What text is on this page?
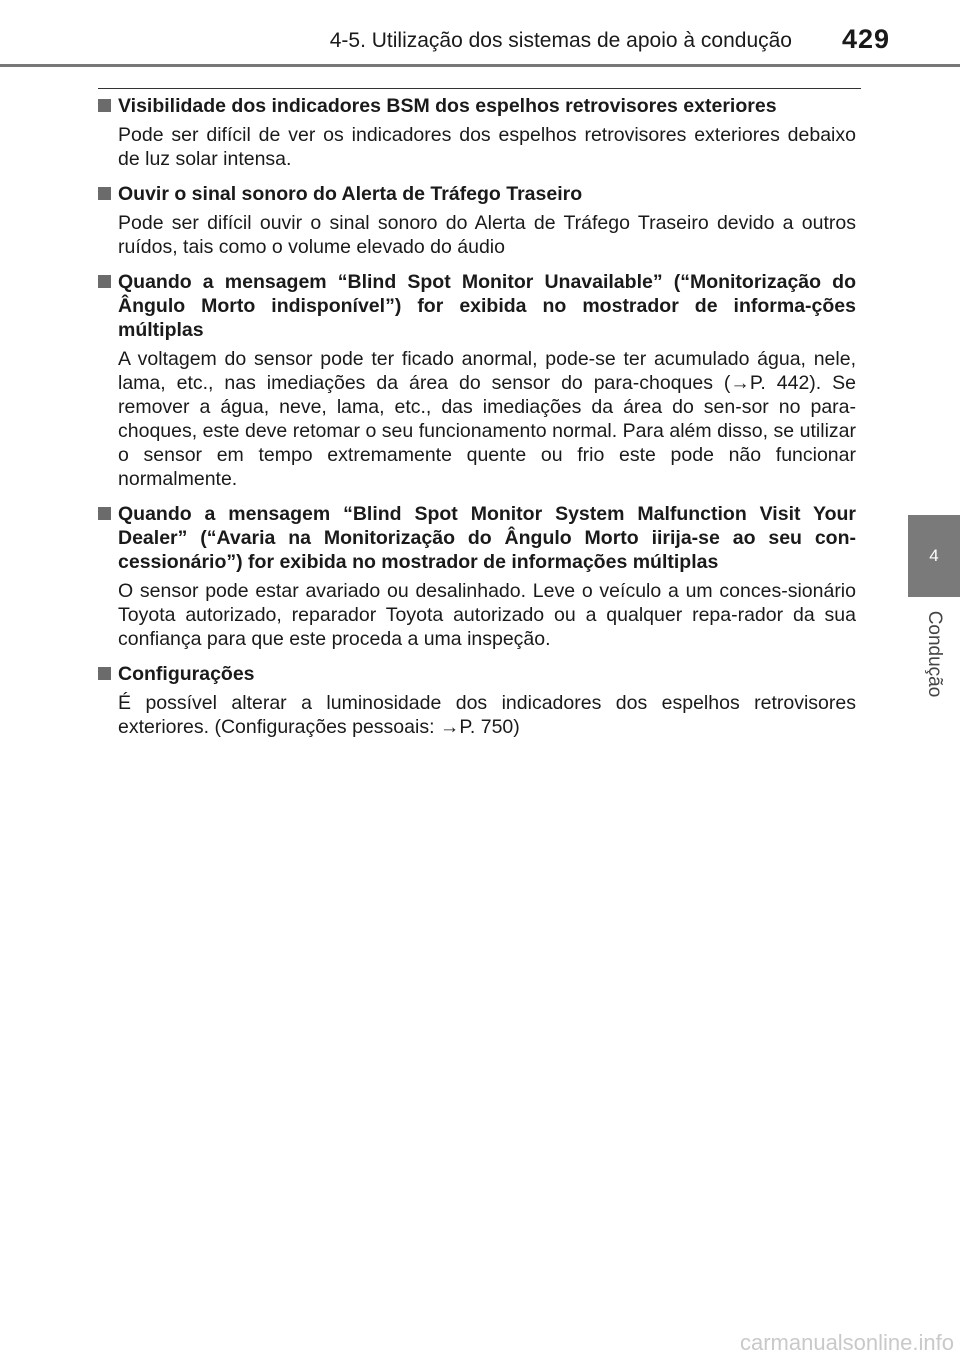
4-5. Utilização dos sistemas de apoio à condução 429
Visibilidade dos indicadores BSM dos espelhos retrovisores exteriores
Pode ser difícil de ver os indicadores dos espelhos retrovisores exteriores debaixo de luz solar intensa.
Ouvir o sinal sonoro do Alerta de Tráfego Traseiro
Pode ser difícil ouvir o sinal sonoro do Alerta de Tráfego Traseiro devido a outros ruídos, tais como o volume elevado do áudio
Quando a mensagem “Blind Spot Monitor Unavailable” (“Monitorização do Ângulo Morto indisponível”) for exibida no mostrador de informa-ções múltiplas
A voltagem do sensor pode ter ficado anormal, pode-se ter acumulado água, nele, lama, etc., nas imediações da área do sensor do para-choques (→P. 442). Se remover a água, neve, lama, etc., das imediações da área do sen-sor no para-choques, este deve retomar o seu funcionamento normal. Para além disso, se utilizar o sensor em tempo extremamente quente ou frio este pode não funcionar normalmente.
Quando a mensagem “Blind Spot Monitor System Malfunction Visit Your Dealer” (“Avaria na Monitorização do Ângulo Morto iirija-se ao seu con-cessionário”) for exibida no mostrador de informações múltiplas
O sensor pode estar avariado ou desalinhado. Leve o veículo a um conces-sionário Toyota autorizado, reparador Toyota autorizado ou a qualquer repa-rador da sua confiança para que este proceda a uma inspeção.
Configurações
É possível alterar a luminosidade dos indicadores dos espelhos retrovisores exteriores. (Configurações pessoais: →P. 750)
4
Condução
carmanualsonline.info
